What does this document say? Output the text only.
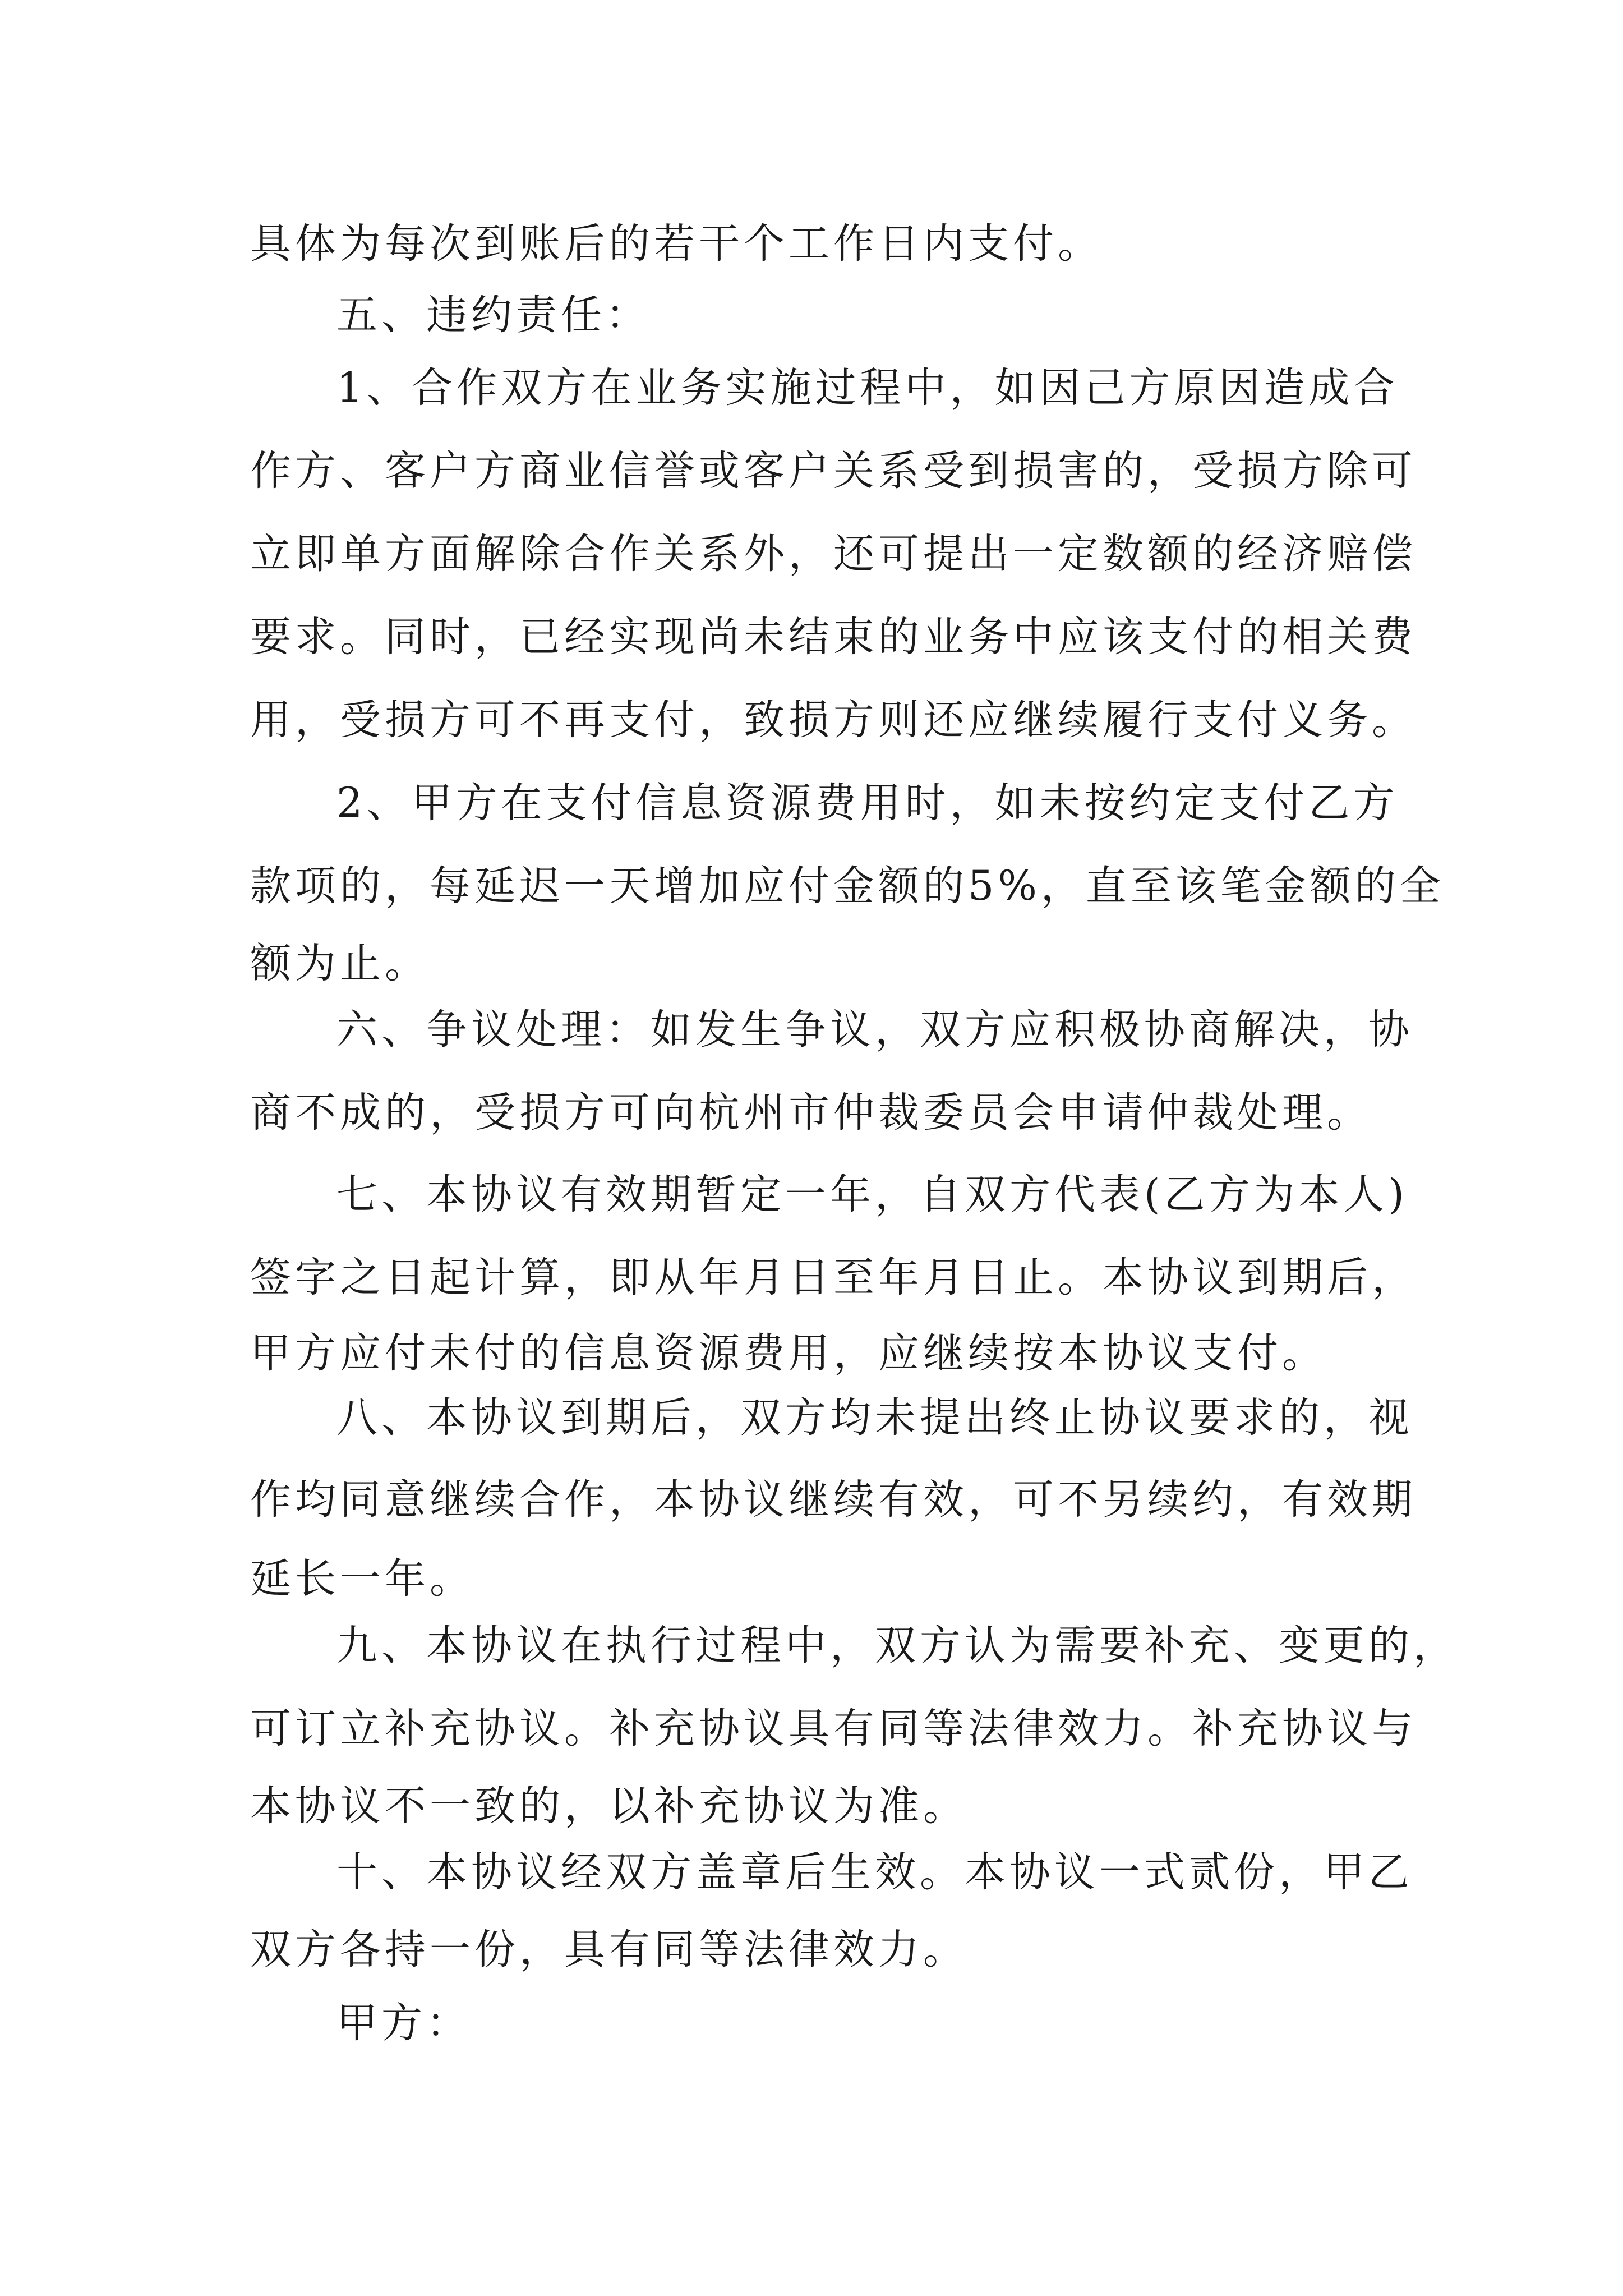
具体为每次到账后的若干个工作日内支付。

五、违约责任：

1、合作双方在业务实施过程中，如因己方原因造成合

作方、客户方商业信誉或客户关系受到损害的，受损方除可

立即单方面解除合作关系外，还可提出一定数额的经济赔偿

要求。同时，已经实现尚未结束的业务中应该支付的相关费

用，受损方可不再支付，致损方则还应继续履行支付义务。

2、甲方在支付信息资源费用时，如未按约定支付乙方

款项的，每延迟一天增加应付金额的5%，直至该笔金额的全

额为止。

六、争议处理：如发生争议，双方应积极协商解决，协

商不成的，受损方可向杭州市仲裁委员会申请仲裁处理。

七、本协议有效期暂定一年，自双方代表(乙方为本人)

签字之日起计算，即从年月日至年月日止。本协议到期后，

甲方应付未付的信息资源费用，应继续按本协议支付。

八、本协议到期后，双方均未提出终止协议要求的，视

作均同意继续合作，本协议继续有效，可不另续约，有效期

延长一年。

九、本协议在执行过程中，双方认为需要补充、变更的，

可订立补充协议。补充协议具有同等法律效力。补充协议与

本协议不一致的，以补充协议为准。

十、本协议经双方盖章后生效。本协议一式贰份，甲乙

双方各持一份，具有同等法律效力。

甲方：
